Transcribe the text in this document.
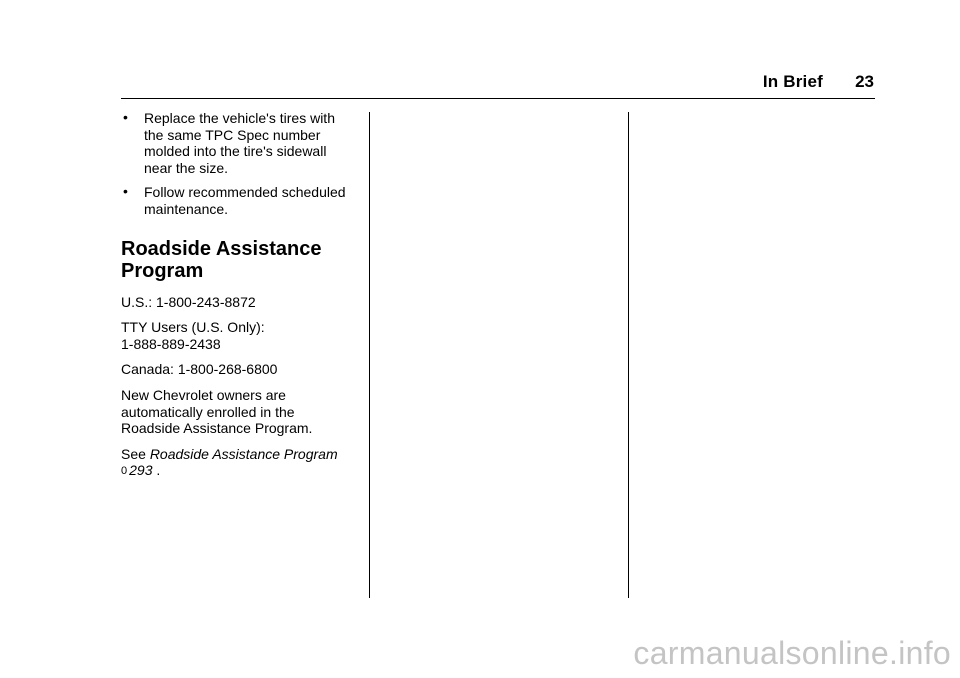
In Brief 23
• Replace the vehicle's tires with
the same TPC Spec number
molded into the tire's sidewall
near the size.
• Follow recommended scheduled
maintenance.
Roadside Assistance
Program

U.S.: 1-800-243-8872

TTY Users (U.S. Only):
1-888-889-2438

Canada: 1-800-268-6800

New Chevrolet owners are
automatically enrolled in the
Roadside Assistance Program.

See Roadside Assistance Program
0 293 .

carmanualsonline.info
